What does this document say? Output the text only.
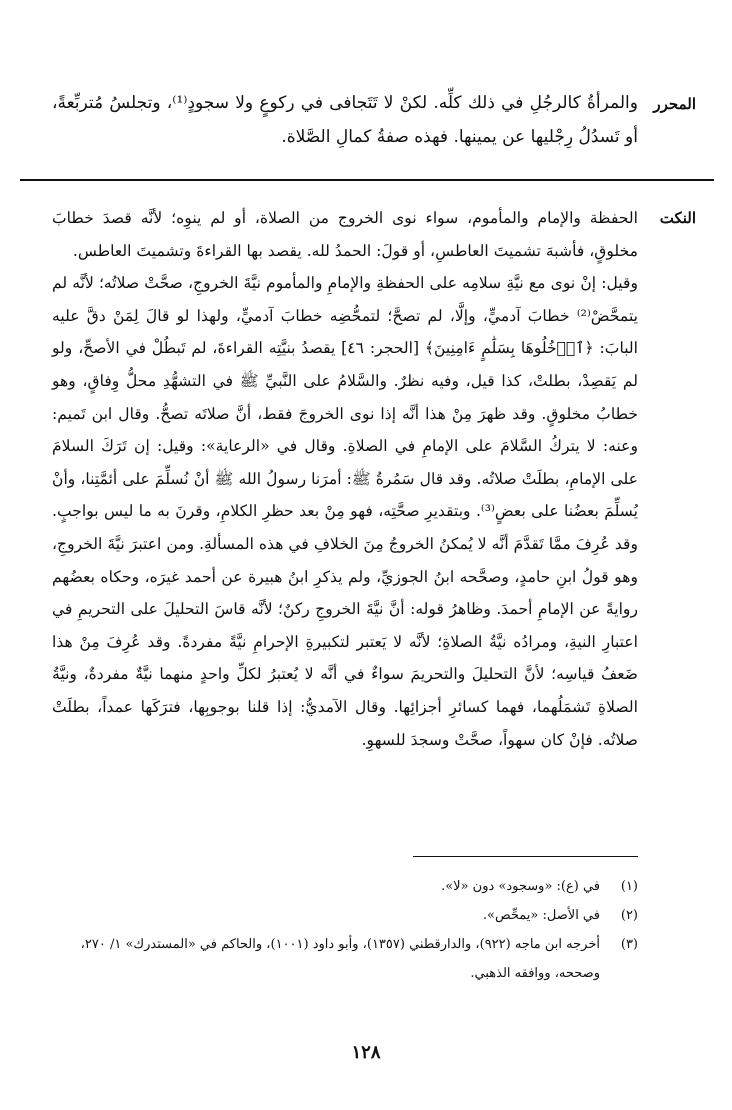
المحرر
والمرأةُ كالرجُلِ في ذلك كلِّه. لكنْ لا تَتَجافى في ركوعٍ ولا سجودٍ⁽¹⁾، وتجلسُ مُتربِّعةً، أو تَسدُلُ رِجْليها عن يمينها. فهذه صفةُ كمالِ الصَّلاة.
النكت

الحفظة والإمام والمأموم، سواء نوى الخروج من الصلاة، أو لم ينوِه؛ لأنَّه قصدَ خطابَ مخلوقٍ، فأشبهَ تشميتَ العاطسِ، أو قولَ: الحمدُ لله. يقصد بها القراءةَ وتشميتَ العاطس.

وقيل: إنْ نوى مع نيَّةِ سلامِه على الحفظةِ والإمامِ والمأموم نيَّةَ الخروجِ، صحَّتْ صلاتُه؛ لأنَّه لم يتمحَّضْ⁽²⁾ خطابَ آدميٍّ، وإلَّا، لم تصحَّ؛ لتمحُّضِه خطابَ آدميٍّ، ولهذا لو قالَ لِمَنْ دقَّ عليه البابَ: ﴿ٱدۡخُلُوهَا بِسَلَٰمٍ ءَامِنِينَ﴾ [الحجر: ٤٦] يقصدُ بنيَّتِه القراءةَ، لم تَبطُلْ في الأصحِّ، ولو لم يَقصِدْ، بطلتْ، كذا قيل، وفيه نظرٌ. والسَّلامُ على النَّبيِّ ﷺ في التشهُّدِ محلُّ وِفاقٍ، وهو خطابُ مخلوقٍ. وقد ظهرَ مِنْ هذا أنَّه إذا نوى الخروجَ فقط، أنَّ صلاتَه تصحُّ. وقال ابن تَميم: وعنه: لا يتركُ السَّلامَ على الإمامِ في الصلاةِ. وقال في «الرعاية»: وقيل: إن تَرَكَ السلامَ على الإمامِ، بطلَتْ صلاتُه. وقد قال سَمُرةُ ﷺ: أمرَنا رسولُ الله ﷺ أنْ نُسلِّمَ على أئمَّتِنا، وأنْ يُسلِّمَ بعضُنا على بعضٍ⁽³⁾. وبتقديرِ صحَّتِه، فهو مِنْ بعد حظرِ الكلامِ، وقرنَ به ما ليس بواجبٍ. وقد عُرِفَ ممَّا تَقدَّمَ أنَّه لا يُمكنُ الخروجُ مِنَ الخلافِ في هذه المسألةِ. ومن اعتبرَ نيَّةَ الخروجِ، وهو قولُ ابنِ حامدٍ، وصحَّحه ابنُ الجوزيِّ، ولم يذكرِ ابنُ هبيرة عن أحمد غيرَه، وحكاه بعضُهم روايةً عن الإمامِ أحمدَ. وظاهرُ قوله: أنَّ نيَّةَ الخروجِ ركنٌ؛ لأنَّه قاسَ التحليلَ على التحريمِ في اعتبارِ النيةِ، ومرادُه نيَّةُ الصلاةِ؛ لأنَّه لا يَعتبر لتكبيرةِ الإحرامِ نيَّةً مفردةً. وقد عُرِفَ مِنْ هذا ضَعفُ قياسِه؛ لأنَّ التحليلَ والتحريمَ سواءٌ في أنَّه لا يُعتبرُ لكلِّ واحدٍ منهما نيَّةٌ مفردةٌ، ونيَّةُ الصلاةِ تَشمَلُهما، فهما كسائرِ أجزائِها. وقال الآمديُّ: إذا قلنا بوجوبِها، فترَكَها عمداً، بطلَتْ صلاتُه. فإنْ كان سهواً، صحَّتْ وسجدَ للسهوِ.

(١)
في (ع): «وسجود» دون «لا».
(٢)
في الأصل: «يمحِّص».
(٣)
أخرجه ابن ماجه (٩٢٢)، والدارقطني (١٣٥٧)، وأبو داود (١٠٠١)، والحاكم في «المستدرك» ١/ ٢٧٠، وصححه، ووافقه الذهبي.
١٢٨
